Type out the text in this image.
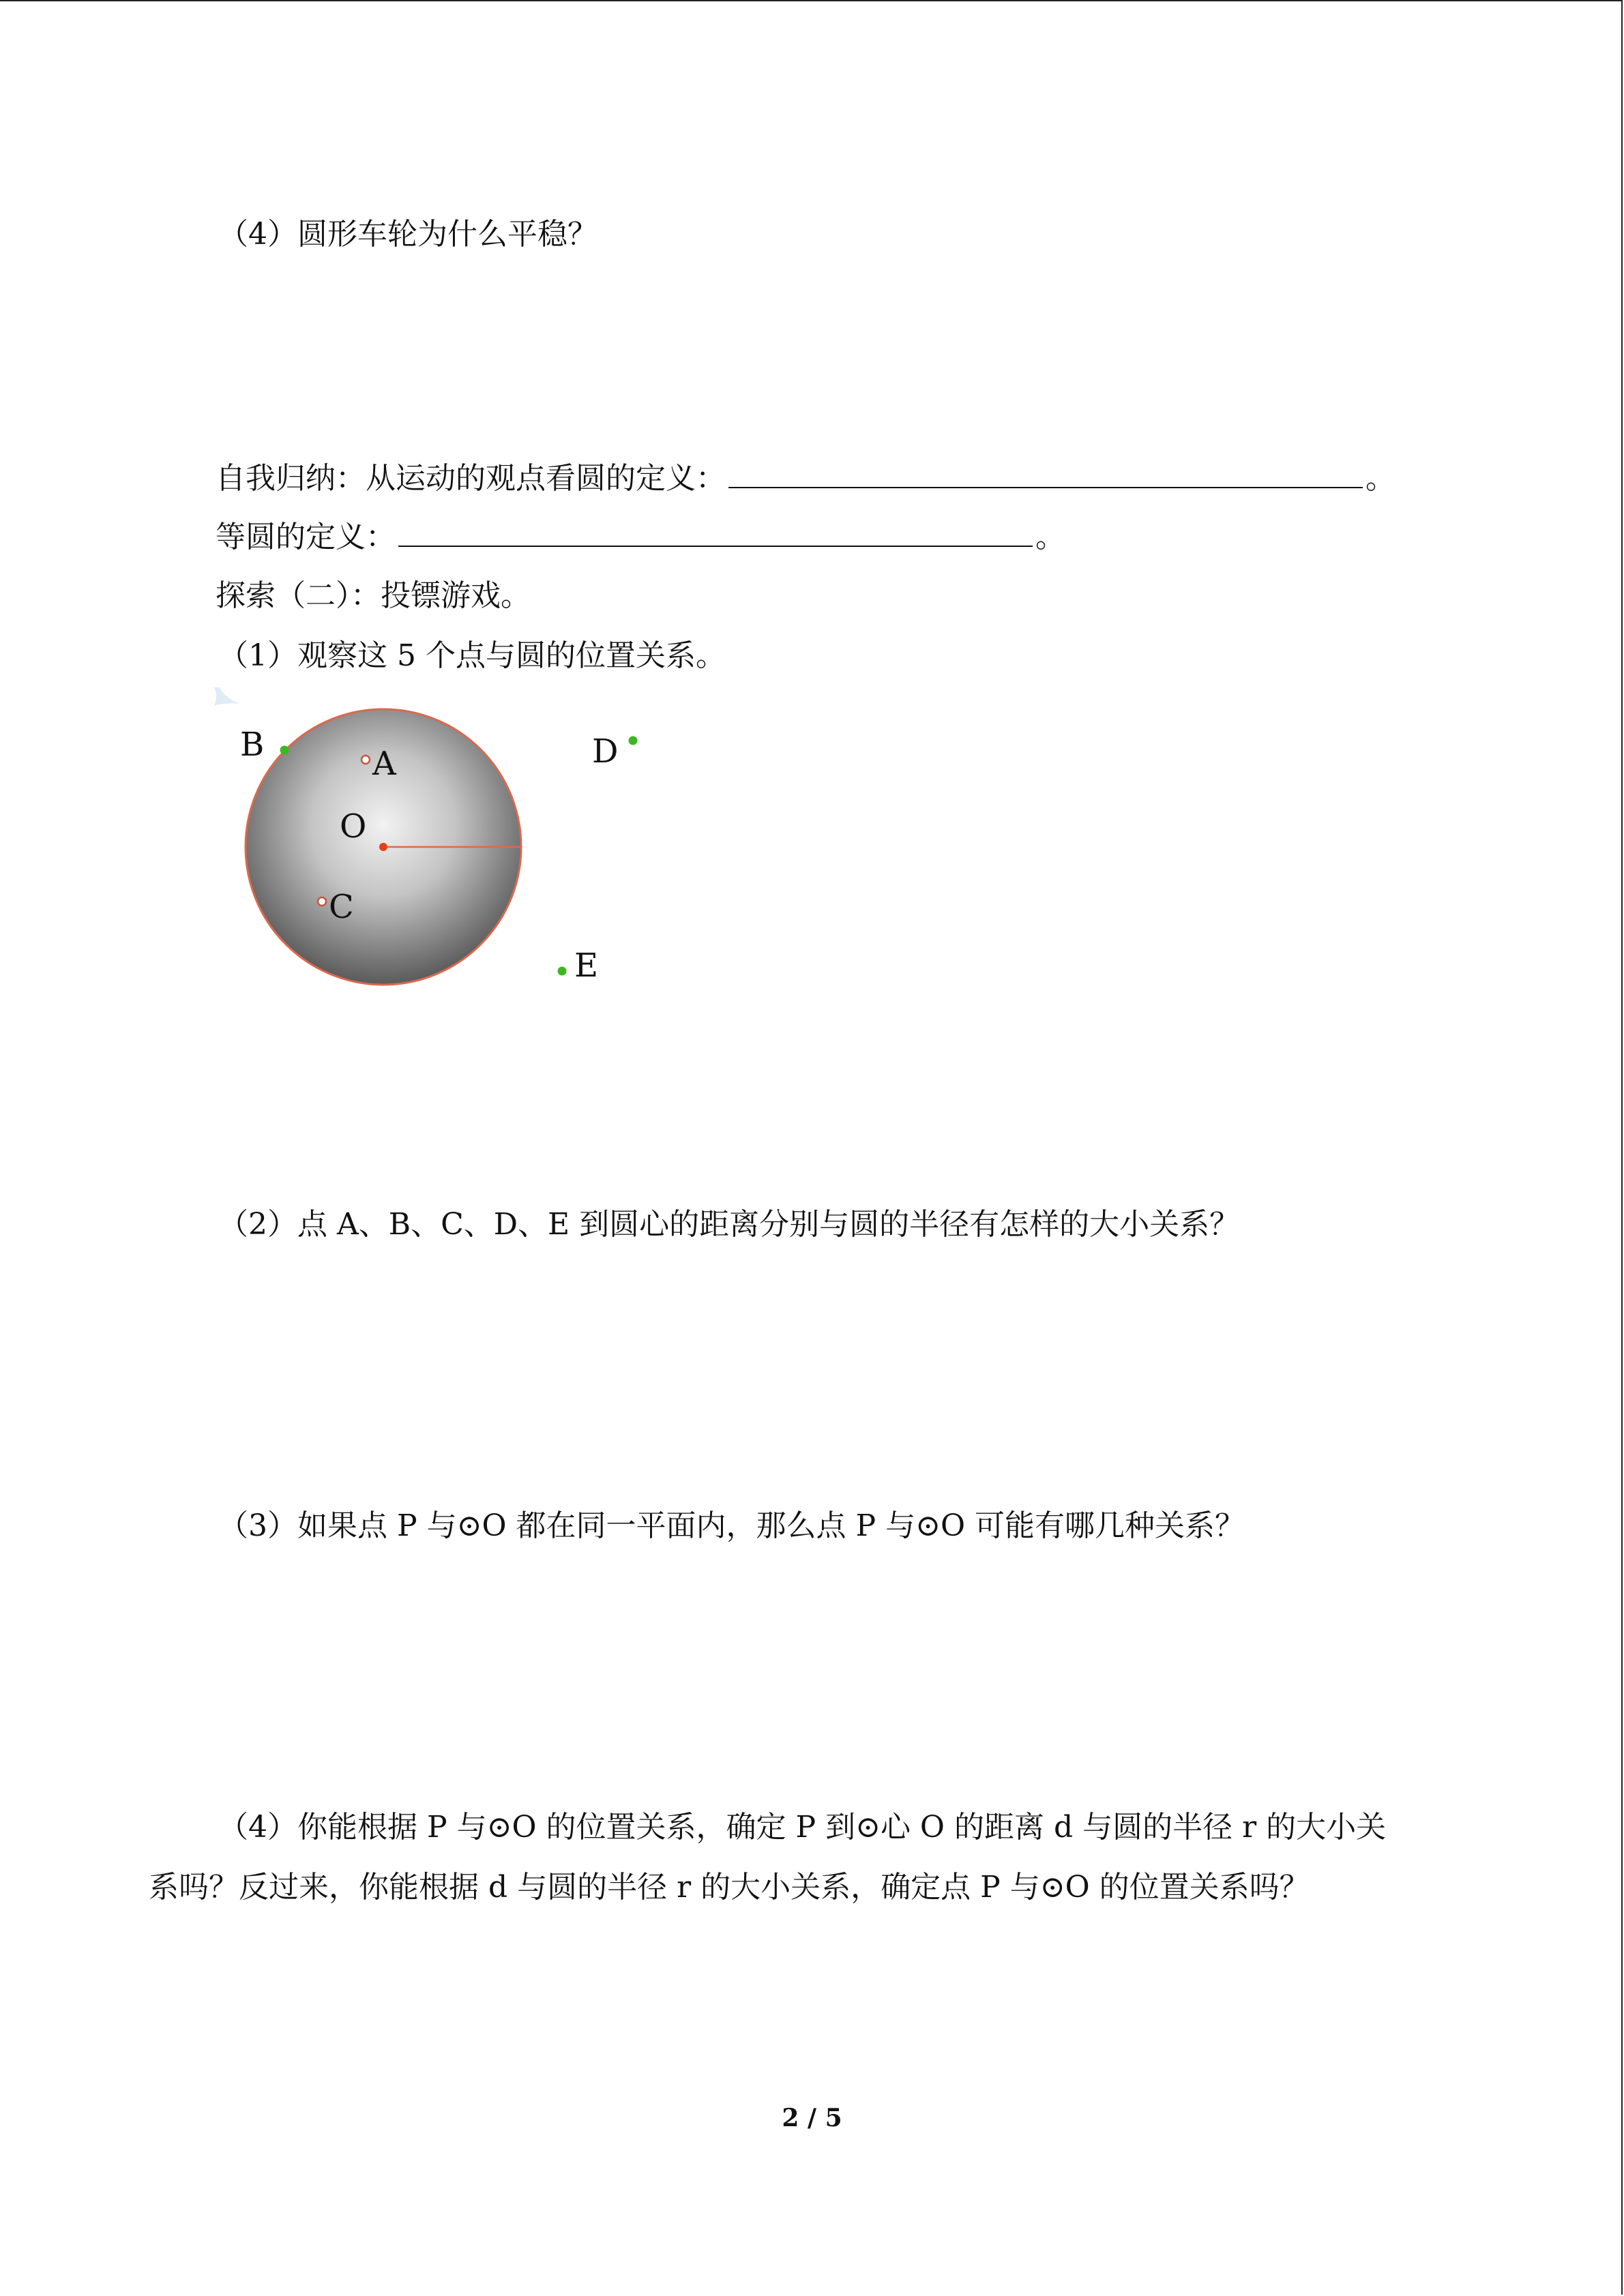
（4）圆形车轮为什么平稳？
自我归纳：从运动的观点看圆的定义：	。
等圆的定义：	。
探索（二）：投镖游戏。
（1）观察这 5 个点与圆的位置关系。
O
A
C
B	D
E
（2）点 A、B、C、D、E 到圆心的距离分别与圆的半径有怎样的大小关系？
（3）如果点 P 与⊙O 都在同一平面内，那么点 P 与⊙O 可能有哪几种关系？
（4）你能根据 P 与⊙O 的位置关系，确定 P 到⊙心 O 的距离 d 与圆的半径 r 的大小关
系吗？反过来，你能根据 d 与圆的半径 r 的大小关系，确定点 P 与⊙O 的位置关系吗？
2 / 5
